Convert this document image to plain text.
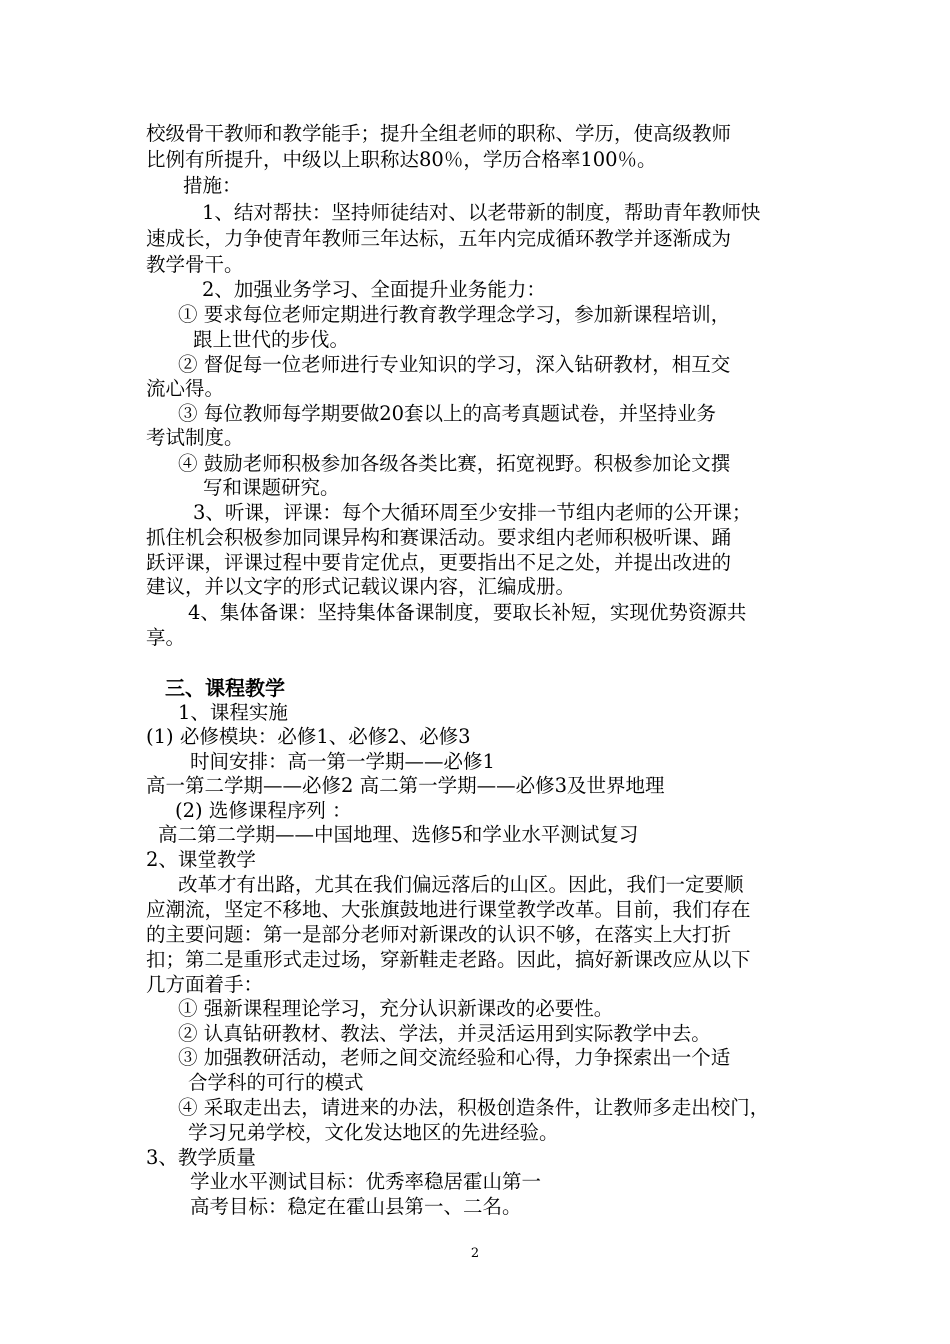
校级骨干教师和教学能手；提升全组老师的职称、学历，使高级教师
比例有所提升，中级以上职称达80％，学历合格率100％。
措施：
1、结对帮扶：坚持师徒结对、以老带新的制度，帮助青年教师快
速成长，力争使青年教师三年达标，五年内完成循环教学并逐渐成为
教学骨干。
2、加强业务学习、全面提升业务能力：
① 要求每位老师定期进行教育教学理念学习，参加新课程培训，
跟上世代的步伐。
② 督促每一位老师进行专业知识的学习，深入钻研教材，相互交
流心得。
③ 每位教师每学期要做20套以上的高考真题试卷，并坚持业务
考试制度。
④ 鼓励老师积极参加各级各类比赛，拓宽视野。积极参加论文撰
写和课题研究。
3、听课，评课：每个大循环周至少安排一节组内老师的公开课；
抓住机会积极参加同课异构和赛课活动。要求组内老师积极听课、踊
跃评课，评课过程中要肯定优点，更要指出不足之处，并提出改进的
建议，并以文字的形式记载议课内容，汇编成册。
4、集体备课：坚持集体备课制度，要取长补短，实现优势资源共
享。
三、课程教学
1、课程实施
(1) 必修模块：必修1、必修2、必修3
时间安排：高一第一学期——必修1
高一第二学期——必修2 高二第一学期——必修3及世界地理
(2) 选修课程序列 ：
高二第二学期——中国地理、选修5和学业水平测试复习
2、课堂教学
改革才有出路，尤其在我们偏远落后的山区。因此，我们一定要顺
应潮流，坚定不移地、大张旗鼓地进行课堂教学改革。目前，我们存在
的主要问题：第一是部分老师对新课改的认识不够，在落实上大打折
扣；第二是重形式走过场，穿新鞋走老路。因此，搞好新课改应从以下
几方面着手：
① 强新课程理论学习，充分认识新课改的必要性。
② 认真钻研教材、教法、学法，并灵活运用到实际教学中去。
③ 加强教研活动，老师之间交流经验和心得，力争探索出一个适
合学科的可行的模式
④ 采取走出去，请进来的办法，积极创造条件，让教师多走出校门，
学习兄弟学校，文化发达地区的先进经验。
3、教学质量
学业水平测试目标：优秀率稳居霍山第一
高考目标：稳定在霍山县第一、二名。
2
